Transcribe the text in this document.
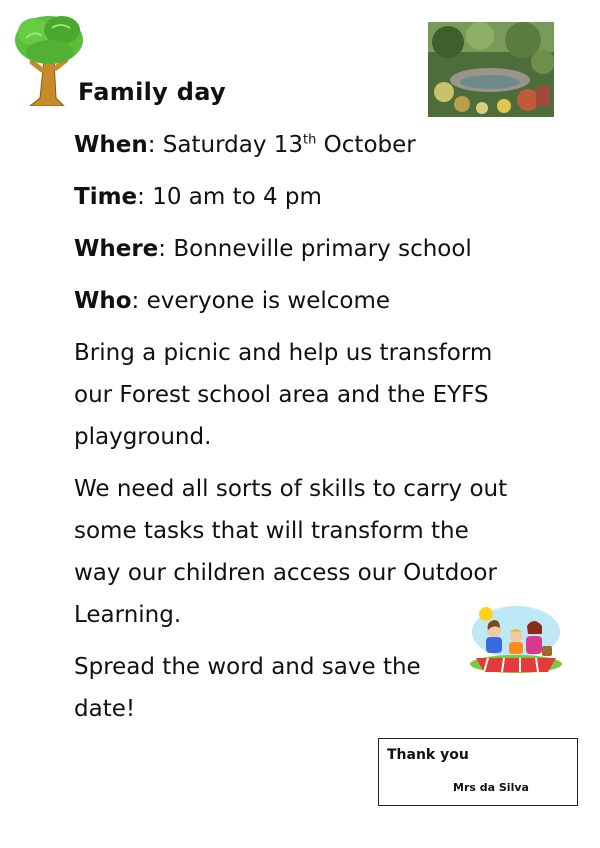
Family day
When: Saturday 13th October
Time: 10 am to 4 pm
Where: Bonneville primary school
Who: everyone is welcome
Bring a picnic and help us transform our Forest school area and the EYFS playground.
We need all sorts of skills to carry out some tasks that will transform the way our children access our Outdoor Learning.
Spread the word and save the date!
Thank you
Mrs da Silva
